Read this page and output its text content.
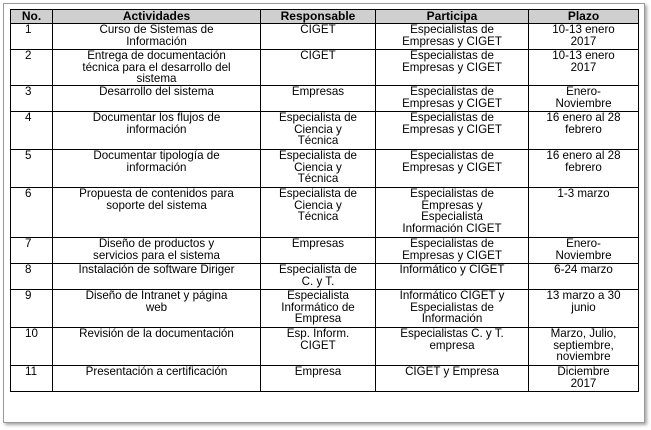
No.	Actividades	Responsable	Participa	Plazo

1	Curso de Sistemas de
Información	CIGET	Especialistas de
Empresas y CIGET	10-13 enero
2017

2	Entrega de documentación
técnica para el desarrollo del
sistema	CIGET	Especialistas de
Empresas y CIGET	10-13 enero
2017

3	Desarrollo del sistema	Empresas	Especialistas de
Empresas y CIGET	Enero-
Noviembre

4	Documentar los flujos de
información	Especialista de
Ciencia y
Técnica	Especialistas de
Empresas y CIGET	16 enero al 28
febrero

5	Documentar tipología de
información	Especialista de
Ciencia y
Técnica	Especialistas de
Empresas y CIGET	16 enero al 28
febrero

6	Propuesta de contenidos para
soporte del sistema	Especialista de
Ciencia y
Técnica	Especialistas de
Empresas y
Especialista
Información CIGET	1-3 marzo

7	Diseño de productos y
servicios para el sistema	Empresas	Especialistas de
Empresas y CIGET	Enero-
Noviembre

8	Instalación de software Diriger	Especialista de
C. y T.	Informático y CIGET	6-24 marzo

9	Diseño de Intranet y página
web	Especialista
Informático de
Empresa	Informático CIGET y
Especialistas de
Información	13 marzo a 30
junio

10	Revisión de la documentación	Esp. Inform.
CIGET	Especialistas C. y T.
empresa	Marzo, Julio,
septiembre,
noviembre

11	Presentación a certificación	Empresa	CIGET y Empresa	Diciembre
2017
